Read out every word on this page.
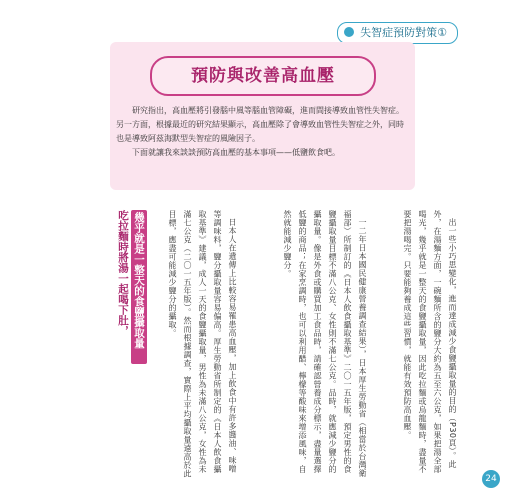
失智症預防對策①
預防與改善高血壓

研究指出，高血壓將引發腦中風等腦血管障礙，進而間接導致血管性失智症。另一方面，根據最近的研究結果顯示，高血壓除了會導致血管性失智症之外，同時也是導致阿茲海默型失智症的風險因子。

下面就讓我來談談預防高血壓的基本事項——低鹽飲食吧。

吃拉麵時將湯一起喝下肚， 幾乎就是一整天的食鹽攝取量	出一些小巧思變化，進而達成減少食鹽攝取量的目的（P30頁）。此外，在湯麵方面，一碗麵所含的鹽分大約為五至六公克，如果把湯全部喝光，幾乎就是一整天的食鹽攝取量，因此吃拉麵或烏龍麵時，盡量不要把湯喝完。只要能夠養成這些習慣，就能有效預防高血壓。

一二年日本國民健康營養調查結果），日本厚生勞動省（相當於台灣衛福部）所制訂的《日本人飲食攝取基準》二〇一五年版，預定男性的食鹽攝取量目標不滿八公克、女性則不滿七公克。品時，就應減少鹽分的攝取量。像是外食或購買加工食品時，請確認營養成分標示，盡量選擇低鹽的商品；在家烹調時，也可以利用醋、檸檬等酸味來增添風味，自然就能減少鹽分。

日本人在遺傳上比較容易罹患高血壓，加上飲食中有許多醬油、味噌等調味料，鹽分攝取量容易偏高。厚生勞動省所制定的《日本人飲食攝取基準》建議，成人一天的食鹽攝取量，男性為未滿八公克，女性為未滿七公克（二〇一五年版）。然而根據調查，實際上平均攝取量遠高於此目標，應盡可能減少鹽分的攝取。

24
